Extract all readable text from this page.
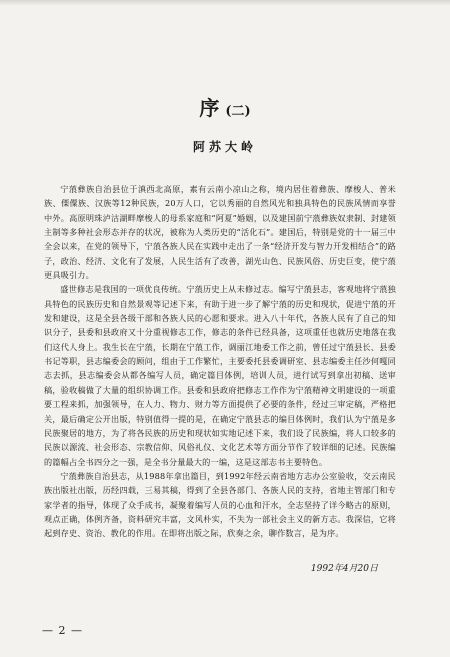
序 (二)
阿苏大岭

宁蒗彝族自治县位于滇西北高原，素有云南小凉山之称，境内居住着彝族、摩梭人、普米族、傈僳族、汉族等12种民族，20万人口，它以秀丽的自然风光和独具特色的民族风情而享誉中外。高原明珠泸沽湖畔摩梭人的母系家庭和“阿夏”婚姻，以及建国前宁蒗彝族奴隶制、封建领主制等多种社会形态并存的状况，被称为人类历史的“活化石”。建国后，特别是党的十一届三中全会以来，在党的领导下，宁蒗各族人民在实践中走出了一条“经济开发与智力开发相结合”的路子，政治、经济、文化有了发展，人民生活有了改善，湖光山色、民族风俗、历史巨变，使宁蒗更具吸引力。

盛世修志是我国的一项优良传统。宁蒗历史上从未修过志。编写宁蒗县志，客观地将宁蒗独具特色的民族历史和自然景观等记述下来，有助于进一步了解宁蒗的历史和现状，促进宁蒗的开发和建设，这是全县各级干部和各族人民的心愿和要求。进入八十年代，各族人民有了自己的知识分子，县委和县政府又十分重视修志工作，修志的条件已经具备，这项重任也就历史地落在我们这代人身上。我生长在宁蒗，长期在宁蒗工作，调丽江地委工作之前，曾任过宁蒗县长、县委书记等职，县志编委会的顾问，组由于工作繁忙，主要委托县委调研室、县志编委主任沙何嘎同志去抓，县志编委会从都各编写人员，确定篇目体例，培训人员，进行试写到拿出初稿、送审稿，验收稿做了大量的组织协调工作。县委和县政府把修志工作作为宁蒗精神文明建设的一项重要工程来抓，加强领导，在人力、物力、财力等方面提供了必要的条件，经过三审定稿，严格把关，最后确定公开出版，特别值得一提的是，在确定宁蒗县志的编目体例时，我们认为宁蒗是多民族聚居的地方，为了将各民族的历史和现状如实地记述下来，我们设了民族编，将人口较多的民族以源流、社会形态、宗教信仰、风俗礼仪、文化艺术等方面分节作了较详细的记述。民族编的篇幅占全书四分之一强，是全书分量最大的一编，这是这部志书主要特色。

宁蒗彝族自治县志，从1988年拿出篇目，到1992年经云南省地方志办公室验收，交云南民族出版社出版，历经四载，三易其稿，得到了全县各部门、各族人民的支持，省地主管部门和专家学者的指导，体现了众手成书，凝聚着编写人员的心血和汗水，全志坚持了详今略古的原则，观点正确，体例齐备，资料研究丰富，文风朴实，不失为一部社会主义的新方志。我深信，它将起到存史、资治、教化的作用。在即将出版之际，欣奏之余，聊作数言，是为序。

1992年4月20日
— 2 —
